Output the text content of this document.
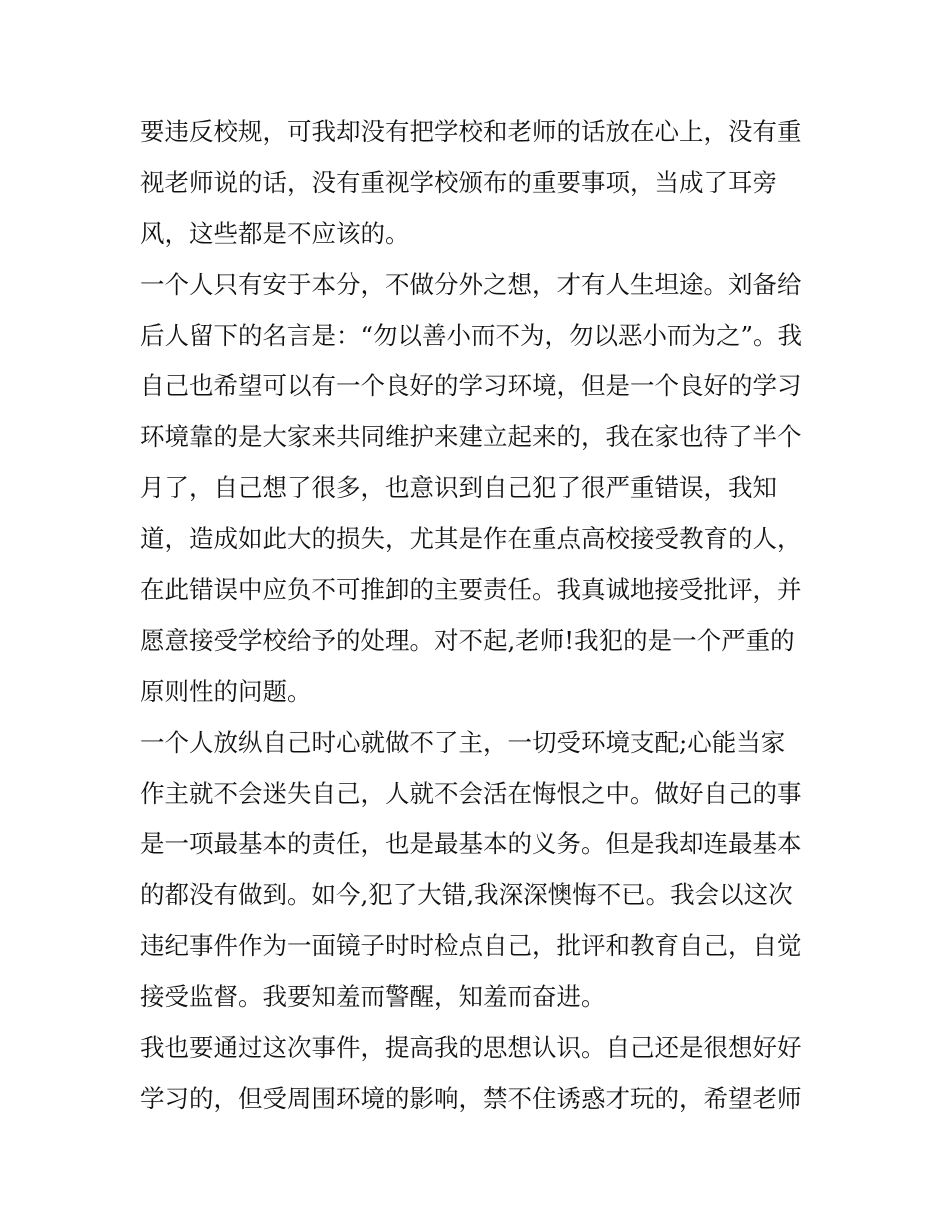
要违反校规，可我却没有把学校和老师的话放在心上，没有重
视老师说的话，没有重视学校颁布的重要事项，当成了耳旁
风，这些都是不应该的。
一个人只有安于本分，不做分外之想，才有人生坦途。刘备给
后人留下的名言是：“勿以善小而不为，勿以恶小而为之”。我
自己也希望可以有一个良好的学习环境，但是一个良好的学习
环境靠的是大家来共同维护来建立起来的，我在家也待了半个
月了，自己想了很多，也意识到自己犯了很严重错误，我知
道，造成如此大的损失，尤其是作在重点高校接受教育的人，
在此错误中应负不可推卸的主要责任。我真诚地接受批评，并
愿意接受学校给予的处理。对不起,老师!我犯的是一个严重的
原则性的问题。
一个人放纵自己时心就做不了主，一切受环境支配;心能当家
作主就不会迷失自己，人就不会活在悔恨之中。做好自己的事
是一项最基本的责任，也是最基本的义务。但是我却连最基本
的都没有做到。如今,犯了大错,我深深懊悔不已。我会以这次
违纪事件作为一面镜子时时检点自己，批评和教育自己，自觉
接受监督。我要知羞而警醒，知羞而奋进。
我也要通过这次事件，提高我的思想认识。自己还是很想好好
学习的，但受周围环境的影响，禁不住诱惑才玩的，希望老师
